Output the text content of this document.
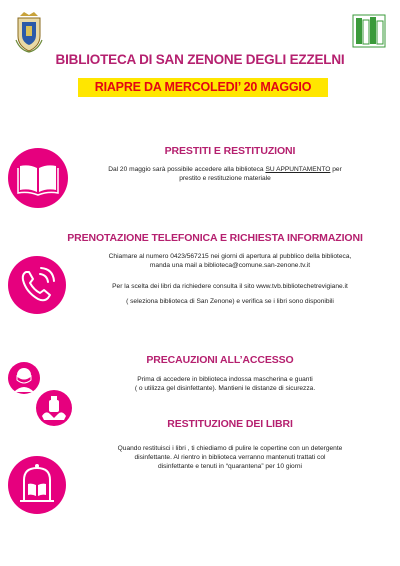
BIBLIOTECA DI SAN ZENONE DEGLI EZZELNI
RIAPRE DA MERCOLEDI’ 20 MAGGIO
PRESTITI E RESTITUZIONI
Dal 20 maggio sarà possibile accedere alla biblioteca SU APPUNTAMENTO per
prestito e restituzione materiale
PRENOTAZIONE TELEFONICA E RICHIESTA INFORMAZIONI
Chiamare al numero 0423/567215 nei giorni di apertura al pubblico della biblioteca,
manda una mail a biblioteca@comune.san-zenone.tv.it
Per la scelta dei libri da richiedere consulta il sito www.tvb.bibliotechetrevigiane.it
( seleziona biblioteca di San Zenone) e verifica se i libri sono disponibili
PRECAUZIONI ALL’ACCESSO
Prima di accedere in biblioteca indossa mascherina e guanti
( o utilizza gel disinfettante). Mantieni le distanze di sicurezza.
RESTITUZIONE DEI LIBRI
Quando restituisci i libri , ti chiediamo di pulire le copertine con un detergente
disinfettante. Al rientro in biblioteca verranno mantenuti trattati col
disinfettante e tenuti in “quarantena” per 10 giorni
